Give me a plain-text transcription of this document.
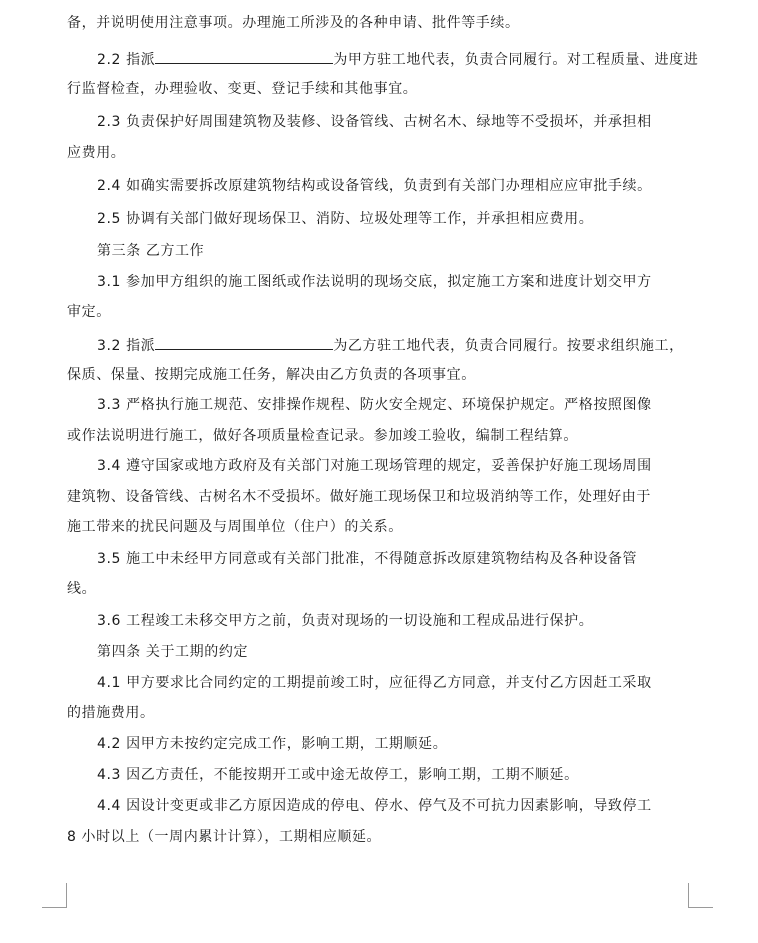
备，并说明使用注意事项。办理施工所涉及的各种申请、批件等手续。
2.2 指派	为甲方驻工地代表，负责合同履行。对工程质量、进度进
行监督检查，办理验收、变更、登记手续和其他事宜。
2.3 负责保护好周围建筑物及装修、设备管线、古树名木、绿地等不受损坏，并承担相
应费用。
2.4 如确实需要拆改原建筑物结构或设备管线，负责到有关部门办理相应应审批手续。
2.5 协调有关部门做好现场保卫、消防、垃圾处理等工作，并承担相应费用。
第三条 乙方工作
3.1 参加甲方组织的施工图纸或作法说明的现场交底，拟定施工方案和进度计划交甲方
审定。
3.2 指派	为乙方驻工地代表，负责合同履行。按要求组织施工，
保质、保量、按期完成施工任务，解决由乙方负责的各项事宜。
3.3 严格执行施工规范、安排操作规程、防火安全规定、环境保护规定。严格按照图像
或作法说明进行施工，做好各项质量检查记录。参加竣工验收，编制工程结算。
3.4 遵守国家或地方政府及有关部门对施工现场管理的规定，妥善保护好施工现场周围
建筑物、设备管线、古树名木不受损坏。做好施工现场保卫和垃圾消纳等工作，处理好由于
施工带来的扰民问题及与周围单位（住户）的关系。
3.5 施工中未经甲方同意或有关部门批准，不得随意拆改原建筑物结构及各种设备管
线。
3.6 工程竣工未移交甲方之前，负责对现场的一切设施和工程成品进行保护。
第四条 关于工期的约定
4.1 甲方要求比合同约定的工期提前竣工时，应征得乙方同意，并支付乙方因赶工采取
的措施费用。
4.2 因甲方未按约定完成工作，影响工期，工期顺延。
4.3 因乙方责任，不能按期开工或中途无故停工，影响工期，工期不顺延。
4.4 因设计变更或非乙方原因造成的停电、停水、停气及不可抗力因素影响，导致停工
8 小时以上（一周内累计计算），工期相应顺延。
